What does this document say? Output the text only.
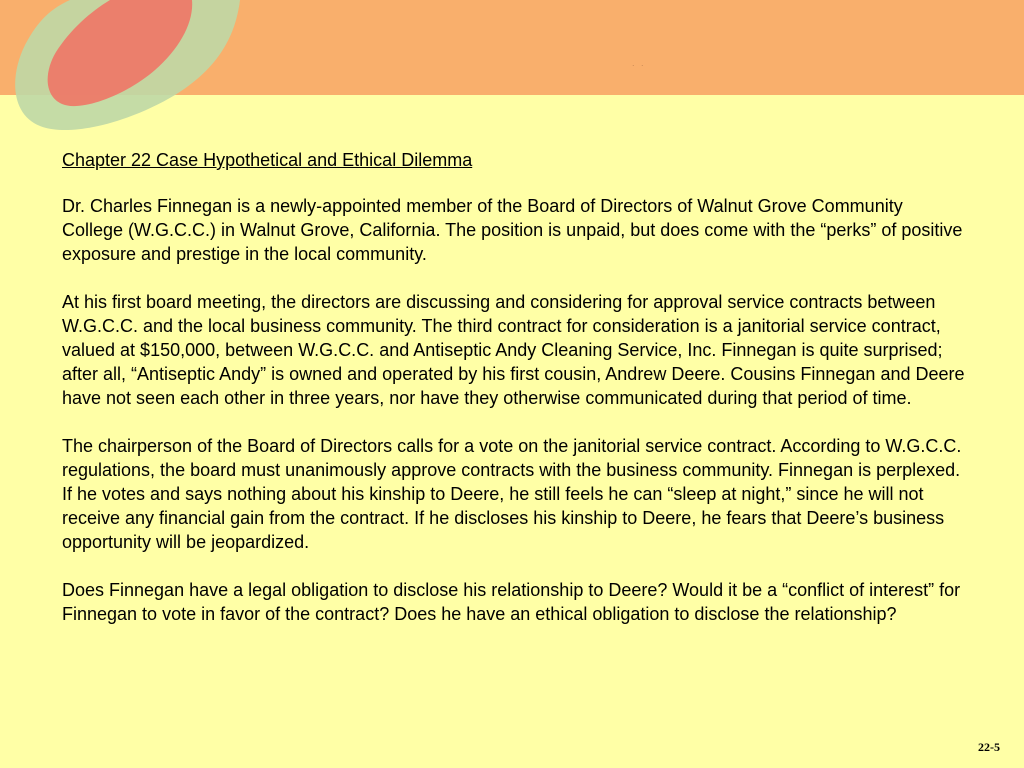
. .
Chapter 22 Case Hypothetical and Ethical Dilemma

Dr. Charles Finnegan is a newly-appointed member of the Board of Directors of Walnut Grove Community College (W.G.C.C.) in Walnut Grove, California. The position is unpaid, but does come with the “perks” of positive exposure and prestige in the local community.

At his first board meeting, the directors are discussing and considering for approval service contracts between W.G.C.C. and the local business community. The third contract for consideration is a janitorial service contract, valued at $150,000, between W.G.C.C. and Antiseptic Andy Cleaning Service, Inc. Finnegan is quite surprised; after all, “Antiseptic Andy” is owned and operated by his first cousin, Andrew Deere. Cousins Finnegan and Deere have not seen each other in three years, nor have they otherwise communicated during that period of time.

The chairperson of the Board of Directors calls for a vote on the janitorial service contract. According to W.G.C.C. regulations, the board must unanimously approve contracts with the business community. Finnegan is perplexed. If he votes and says nothing about his kinship to Deere, he still feels he can “sleep at night,” since he will not receive any financial gain from the contract. If he discloses his kinship to Deere, he fears that Deere’s business opportunity will be jeopardized.

Does Finnegan have a legal obligation to disclose his relationship to Deere? Would it be a “conflict of interest” for Finnegan to vote in favor of the contract? Does he have an ethical obligation to disclose the relationship?

22-5
